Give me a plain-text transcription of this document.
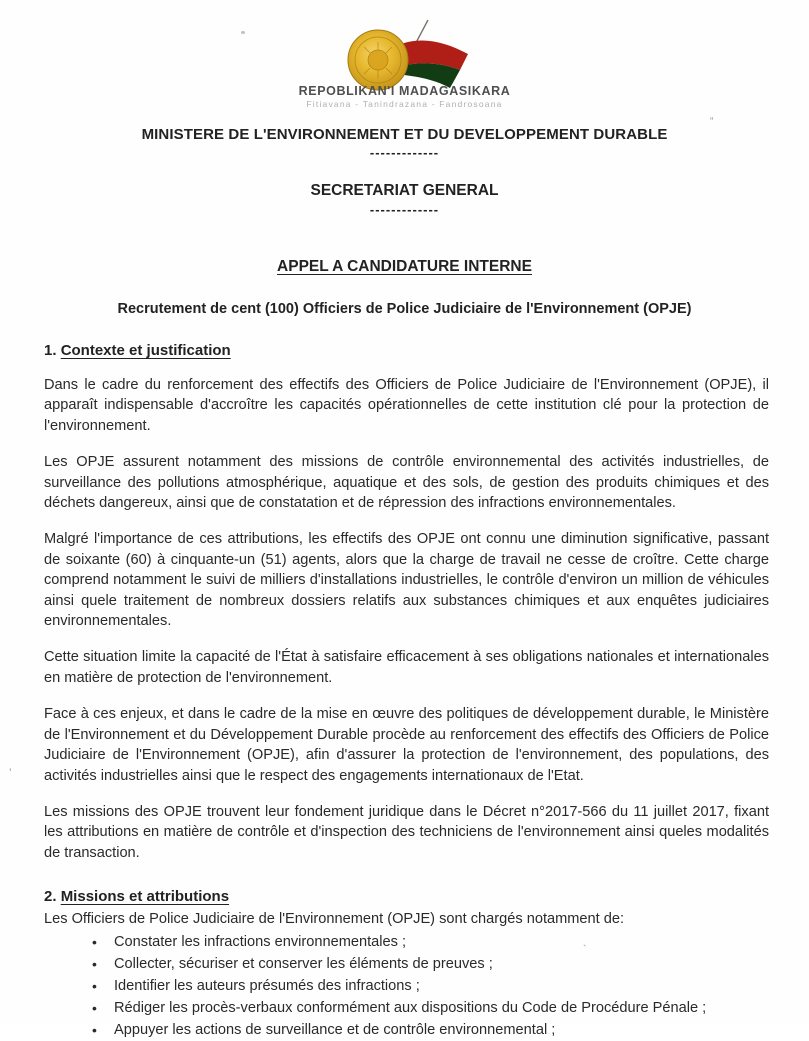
REPOBLIKAN'I MADAGASIKARA
Fitiavana - Tanindrazana - Fandrosoana
MINISTERE DE L'ENVIRONNEMENT ET DU DEVELOPPEMENT DURABLE
-------------
SECRETARIAT GENERAL
-------------
APPEL A CANDIDATURE INTERNE
Recrutement de cent (100) Officiers de Police Judiciaire de l'Environnement (OPJE)
1. Contexte et justification

Dans le cadre du renforcement des effectifs des Officiers de Police Judiciaire de l'Environnement (OPJE), il apparaît indispensable d'accroître les capacités opérationnelles de cette institution clé pour la protection de l'environnement.

Les OPJE assurent notamment des missions de contrôle environnemental des activités industrielles, de surveillance des pollutions atmosphérique, aquatique et des sols, de gestion des produits chimiques et des déchets dangereux, ainsi que de constatation et de répression des infractions environnementales.

Malgré l'importance de ces attributions, les effectifs des OPJE ont connu une diminution significative, passant de soixante (60) à cinquante-un (51) agents, alors que la charge de travail ne cesse de croître. Cette charge comprend notamment le suivi de milliers d'installations industrielles, le contrôle d'environ un million de véhicules ainsi quele traitement de nombreux dossiers relatifs aux substances chimiques et aux enquêtes judiciaires environnementales.

Cette situation limite la capacité de l'État à satisfaire efficacement à ses obligations nationales et internationales en matière de protection de l'environnement.

Face à ces enjeux, et dans le cadre de la mise en œuvre des politiques de développement durable, le Ministère de l'Environnement et du Développement Durable procède au renforcement des effectifs des Officiers de Police Judiciaire de l'Environnement (OPJE), afin d'assurer la protection de l'environnement, des populations, des activités industrielles ainsi que le respect des engagements internationaux de l'Etat.

Les missions des OPJE trouvent leur fondement juridique dans le Décret n°2017-566 du 11 juillet 2017, fixant les attributions en matière de contrôle et d'inspection des techniciens de l'environnement ainsi queles modalités de transaction.

2. Missions et attributions

Les Officiers de Police Judiciaire de l'Environnement (OPJE) sont chargés notamment de:

• Constater les infractions environnementales ;
• Collecter, sécuriser et conserver les éléments de preuves ;
• Identifier les auteurs présumés des infractions ;
• Rédiger les procès-verbaux conformément aux dispositions du Code de Procédure Pénale ;
• Appuyer les actions de surveillance et de contrôle environnemental ;
“
’
`
